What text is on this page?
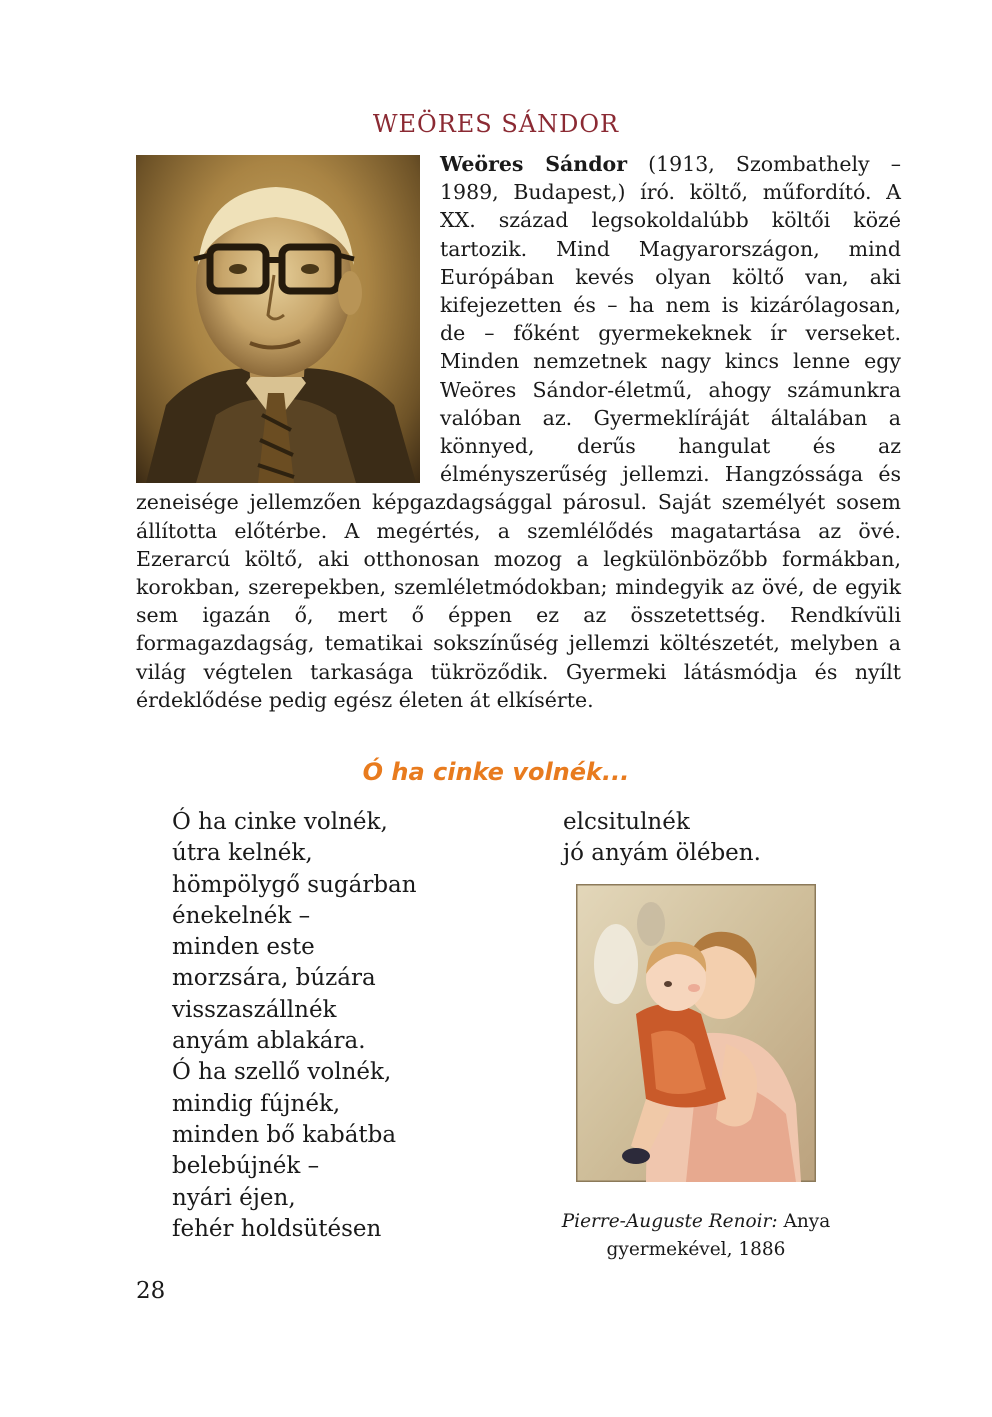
WEÖRES SÁNDOR
Weöres Sándor (1913, Szombathely – 1989, Budapest,) író. költő, műfordító. A XX. század legsokoldalúbb költői közé tartozik. Mind Magyarországon, mind Európában kevés olyan költő van, aki kifejezetten és – ha nem is kizárólagosan, de – főként gyermekeknek ír verseket. Minden nemzetnek nagy kincs lenne egy Weöres Sándor-életmű, ahogy számunkra valóban az. Gyermeklíráját általában a könnyed, derűs hangulat és az élményszerűség jellemzi. Hangzóssága és zeneisége jellemzően képgazdagsággal párosul. Saját személyét sosem állította előtérbe. A megértés, a szemlélődés magatartása az övé. Ezerarcú költő, aki otthonosan mozog a legkülönbözőbb formákban, korokban, szerepekben, szemléletmódokban; mindegyik az övé, de egyik sem igazán ő, mert ő éppen ez az összetettség. Rendkívüli formagazdagság, tematikai sokszínűség jellemzi költészetét, melyben a világ végtelen tarkasága tükröződik. Gyermeki látásmódja és nyílt érdeklődése pedig egész életen át elkísérte.
Ó ha cinke volnék...
Ó ha cinke volnék,
útra kelnék,
hömpölygő sugárban
énekelnék –
minden este
morzsára, búzára
visszaszállnék
anyám ablakára.
Ó ha szellő volnék,
mindig fújnék,
minden bő kabátba
belebújnék –
nyári éjen,
fehér holdsütésen
elcsitulnék
jó anyám ölében.
Pierre-Auguste Renoir: Anya
gyermekével, 1886
28
